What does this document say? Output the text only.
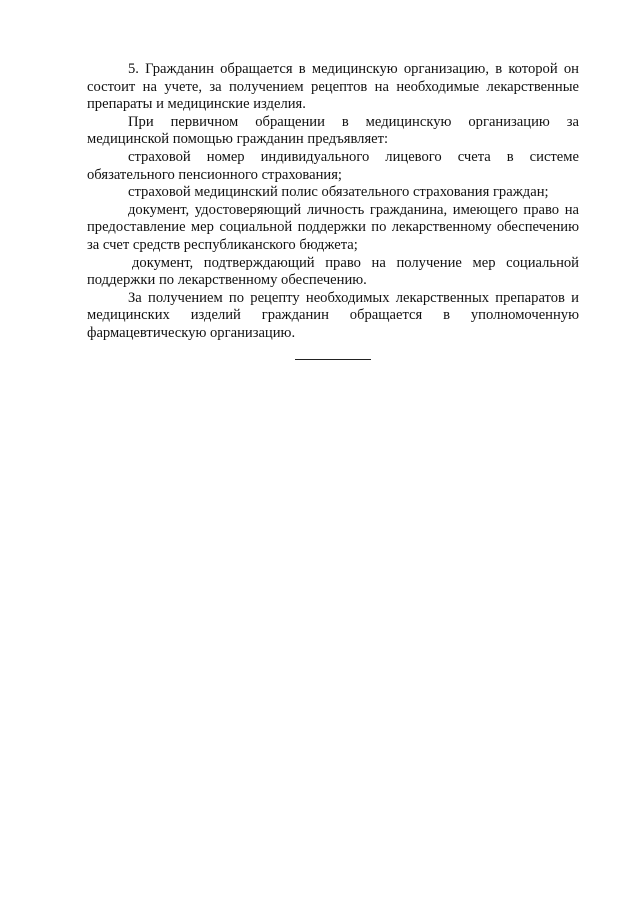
5. Гражданин обращается в медицинскую организацию, в которой он состоит на учете, за получением рецептов на необходимые лекарственные препараты и медицинские изделия.

При первичном обращении в медицинскую организацию за медицинской помощью гражданин предъявляет:

страховой номер индивидуального лицевого счета в системе обязательного пенсионного страхования;

страховой медицинский полис обязательного страхования граждан;

документ, удостоверяющий личность гражданина, имеющего право на предоставление мер социальной поддержки по лекарственному обеспечению за счет средств республиканского бюджета;

документ, подтверждающий право на получение мер социальной поддержки по лекарственному обеспечению.

За получением по рецепту необходимых лекарственных препаратов и медицинских изделий гражданин обращается в уполномоченную фармацевтическую организацию.
